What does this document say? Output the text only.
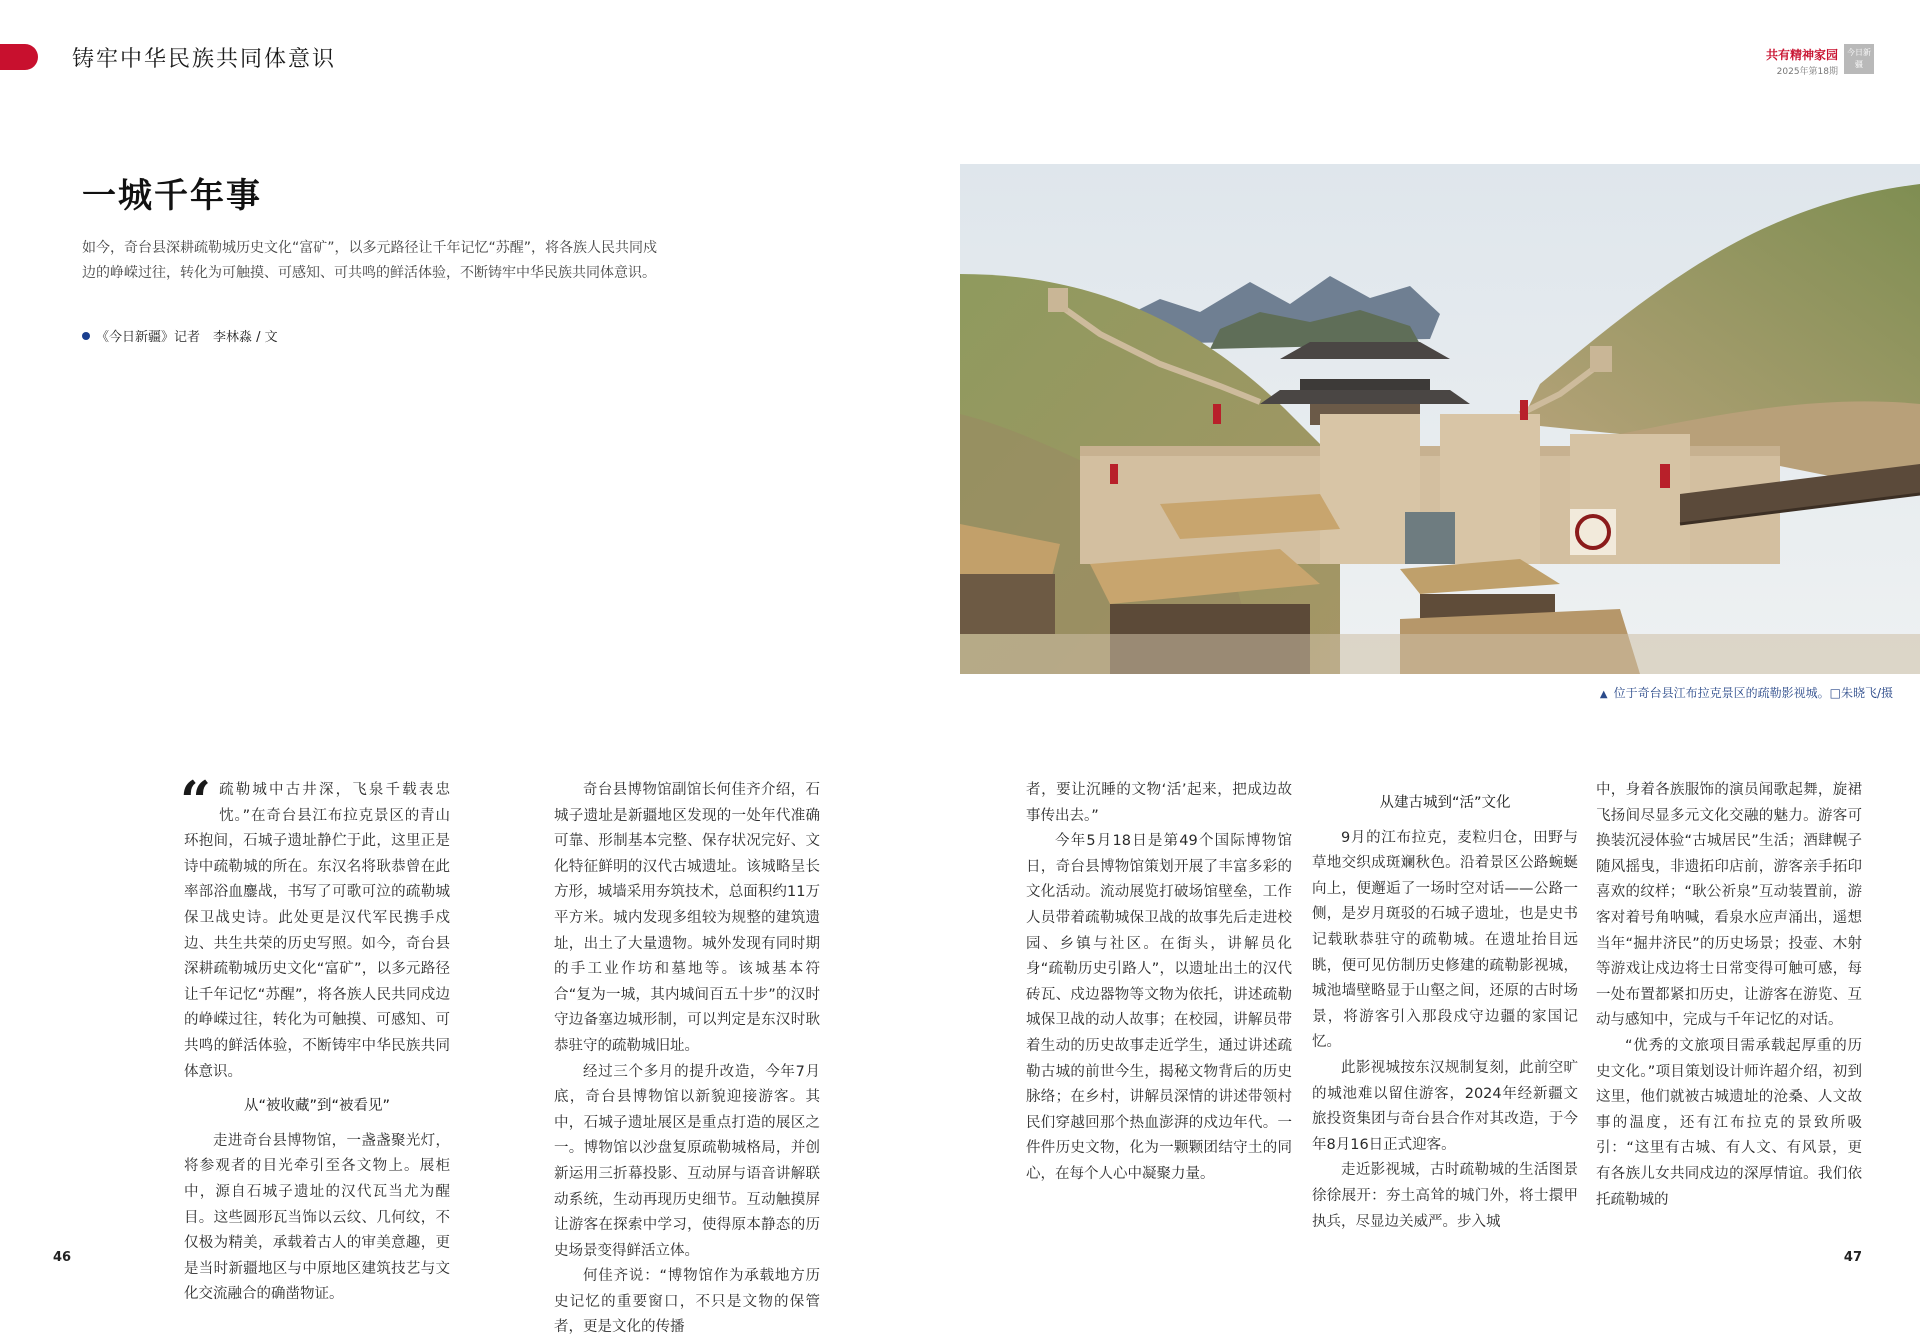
铸牢中华民族共同体意识	共有精神家园
2025年第18期
今日新疆
一城千年事
如今，奇台县深耕疏勒城历史文化“富矿”，以多元路径让千年记忆“苏醒”，将各族人民共同戍边的峥嵘过往，转化为可触摸、可感知、可共鸣的鲜活体验，不断铸牢中华民族共同体意识。
《今日新疆》记者　李林淼 / 文
▲ 位于奇台县江布拉克景区的疏勒影视城。□朱晓飞/摄

“ 疏勒城中古井深，飞泉千载表忠忱。”在奇台县江布拉克景区的青山环抱间，石城子遗址静伫于此，这里正是诗中疏勒城的所在。东汉名将耿恭曾在此率部浴血鏖战，书写了可歌可泣的疏勒城保卫战史诗。此处更是汉代军民携手戍边、共生共荣的历史写照。如今，奇台县深耕疏勒城历史文化“富矿”，以多元路径让千年记忆“苏醒”，将各族人民共同戍边的峥嵘过往，转化为可触摸、可感知、可共鸣的鲜活体验，不断铸牢中华民族共同体意识。

从“被收藏”到“被看见”

走进奇台县博物馆，一盏盏聚光灯，将参观者的目光牵引至各文物上。展柜中，源自石城子遗址的汉代瓦当尤为醒目。这些圆形瓦当饰以云纹、几何纹，不仅极为精美，承载着古人的审美意趣，更是当时新疆地区与中原地区建筑技艺与文化交流融合的确凿物证。

奇台县博物馆副馆长何佳齐介绍，石城子遗址是新疆地区发现的一处年代准确可靠、形制基本完整、保存状况完好、文化特征鲜明的汉代古城遗址。该城略呈长方形，城墙采用夯筑技术，总面积约11万平方米。城内发现多组较为规整的建筑遗址，出土了大量遗物。城外发现有同时期的手工业作坊和墓地等。该城基本符合“复为一城，其内城间百五十步”的汉时守边备塞边城形制，可以判定是东汉时耿恭驻守的疏勒城旧址。

经过三个多月的提升改造，今年7月底，奇台县博物馆以新貌迎接游客。其中，石城子遗址展区是重点打造的展区之一。博物馆以沙盘复原疏勒城格局，并创新运用三折幕投影、互动屏与语音讲解联动系统，生动再现历史细节。互动触摸屏让游客在探索中学习，使得原本静态的历史场景变得鲜活立体。

何佳齐说：“博物馆作为承载地方历史记忆的重要窗口，不只是文物的保管者，更是文化的传播

者，要让沉睡的文物‘活’起来，把成边故事传出去。”

今年5月18日是第49个国际博物馆日，奇台县博物馆策划开展了丰富多彩的文化活动。流动展览打破场馆壁垒，工作人员带着疏勒城保卫战的故事先后走进校园、乡镇与社区。在街头，讲解员化身“疏勒历史引路人”，以遗址出土的汉代砖瓦、戍边器物等文物为依托，讲述疏勒城保卫战的动人故事；在校园，讲解员带着生动的历史故事走近学生，通过讲述疏勒古城的前世今生，揭秘文物背后的历史脉络；在乡村，讲解员深情的讲述带领村民们穿越回那个热血澎湃的戍边年代。一件件历史文物，化为一颗颗团结守土的同心，在每个人心中凝聚力量。

从建古城到“活”文化

9月的江布拉克，麦粒归仓，田野与草地交织成斑斓秋色。沿着景区公路蜿蜒向上，便邂逅了一场时空对话——公路一侧，是岁月斑驳的石城子遗址，也是史书记载耿恭驻守的疏勒城。在遗址抬目远眺，便可见仿制历史修建的疏勒影视城，城池墙壁略显于山壑之间，还原的古时场景，将游客引入那段戍守边疆的家国记忆。

此影视城按东汉规制复刻，此前空旷的城池难以留住游客，2024年经新疆文旅投资集团与奇台县合作对其改造，于今年8月16日正式迎客。

走近影视城，古时疏勒城的生活图景徐徐展开：夯土高耸的城门外，将士擐甲执兵，尽显边关威严。步入城

中，身着各族服饰的演员闻歌起舞，旋裙飞扬间尽显多元文化交融的魅力。游客可换装沉浸体验“古城居民”生活；酒肆幌子随风摇曳，非遗拓印店前，游客亲手拓印喜欢的纹样；“耿公祈泉”互动装置前，游客对着号角呐喊，看泉水应声涌出，遥想当年“掘井济民”的历史场景；投壶、木射等游戏让戍边将士日常变得可触可感，每一处布置都紧扣历史，让游客在游览、互动与感知中，完成与千年记忆的对话。

“优秀的文旅项目需承载起厚重的历史文化。”项目策划设计师许超介绍，初到这里，他们就被古城遗址的沧桑、人文故事的温度，还有江布拉克的景致所吸引：“这里有古城、有人文、有风景，更有各族儿女共同戍边的深厚情谊。我们依托疏勒城的

46	47
